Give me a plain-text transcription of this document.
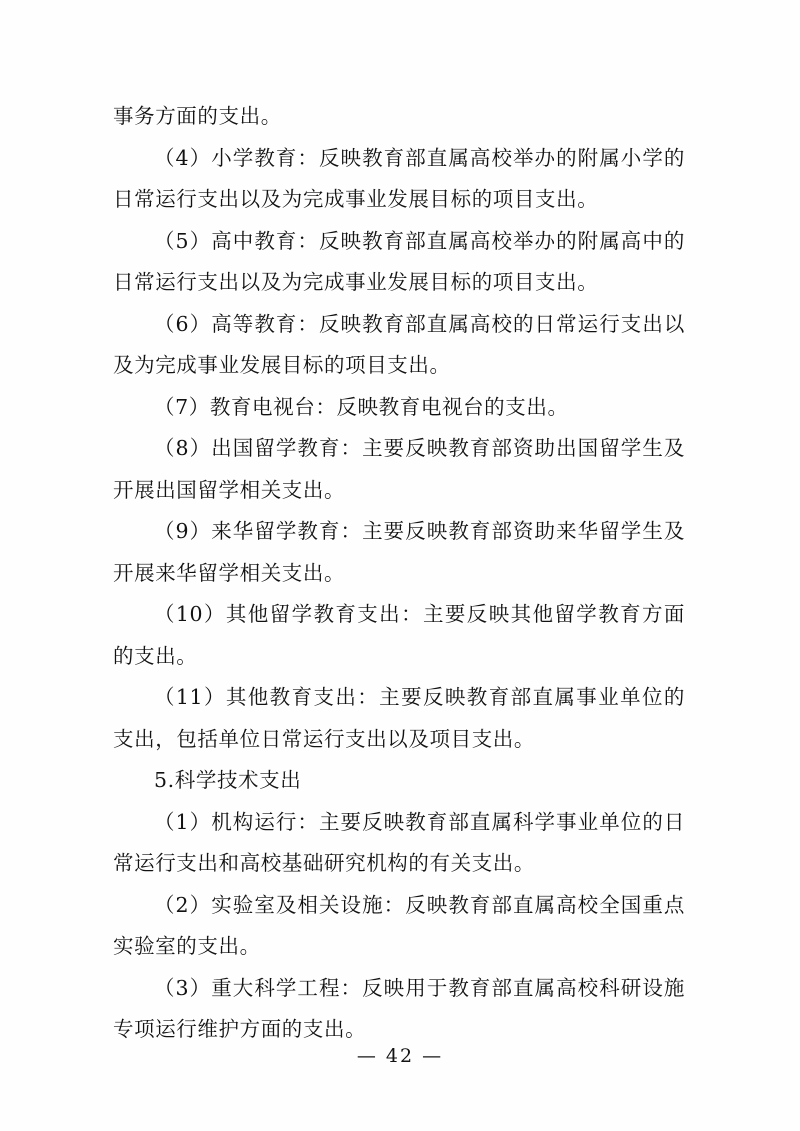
事务方面的支出。

（4）小学教育：反映教育部直属高校举办的附属小学的日常运行支出以及为完成事业发展目标的项目支出。

（5）高中教育：反映教育部直属高校举办的附属高中的日常运行支出以及为完成事业发展目标的项目支出。

（6）高等教育：反映教育部直属高校的日常运行支出以及为完成事业发展目标的项目支出。

（7）教育电视台：反映教育电视台的支出。

（8）出国留学教育：主要反映教育部资助出国留学生及开展出国留学相关支出。

（9）来华留学教育：主要反映教育部资助来华留学生及开展来华留学相关支出。

（10）其他留学教育支出：主要反映其他留学教育方面的支出。

（11）其他教育支出：主要反映教育部直属事业单位的支出，包括单位日常运行支出以及项目支出。

5.科学技术支出

（1）机构运行：主要反映教育部直属科学事业单位的日常运行支出和高校基础研究机构的有关支出。

（2）实验室及相关设施：反映教育部直属高校全国重点实验室的支出。

（3）重大科学工程：反映用于教育部直属高校科研设施专项运行维护方面的支出。

— 42 —
